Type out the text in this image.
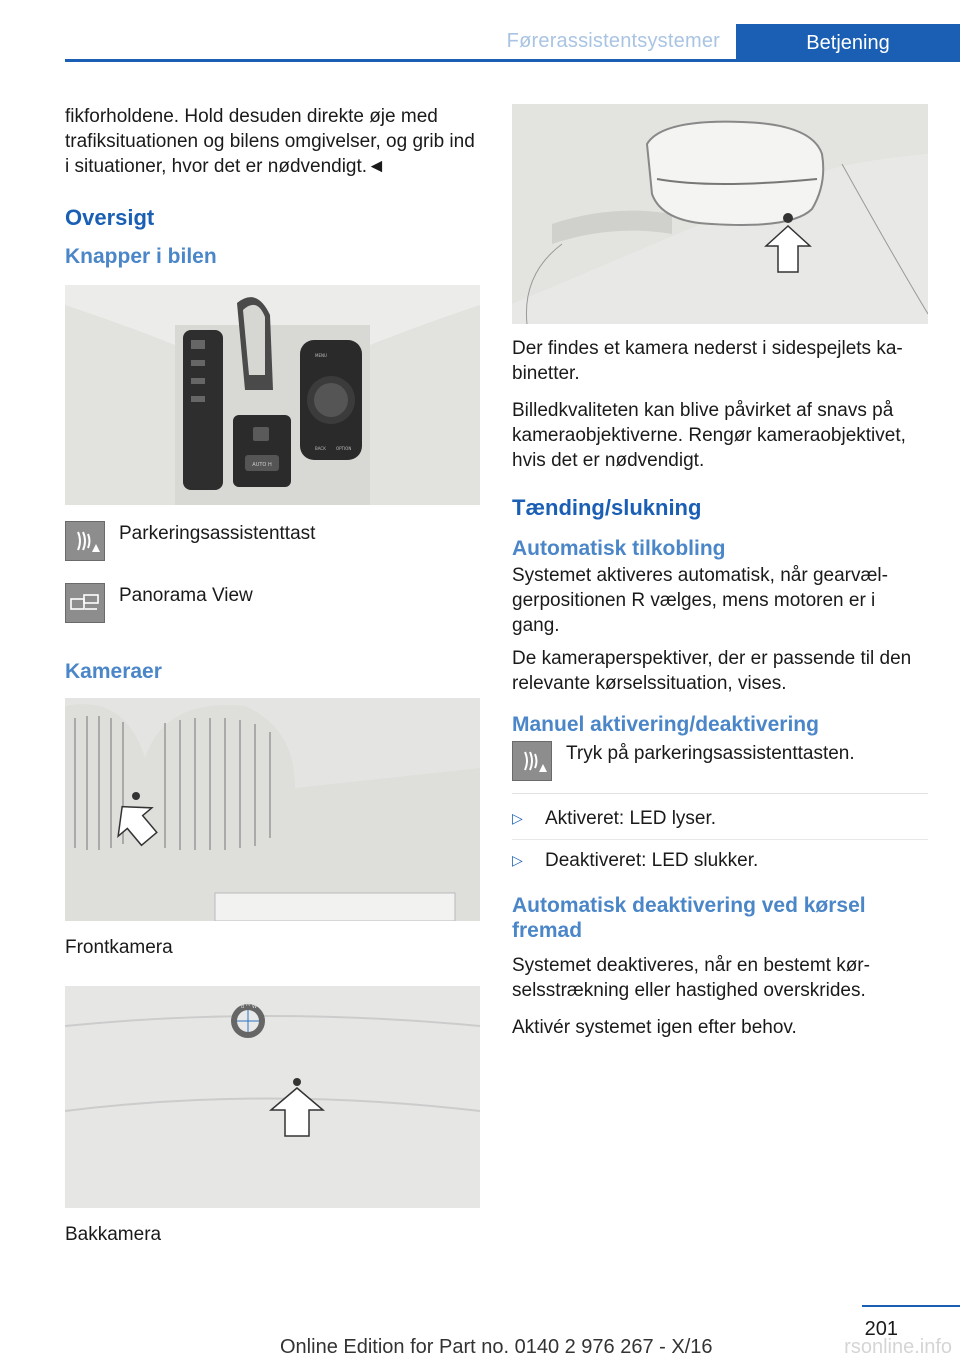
Førerassistentsystemer	Betjening

fikforholdene. Hold desuden direkte øje med trafiksituationen og bilens omgivelser, og grib ind i situationer, hvor det er nødvendigt.◄

Oversigt
Knapper i bilen
AUTO H
MENU
BACK	OPTION
Parkeringsassistenttast
Panorama View
Kameraer

Frontkamera

B M W

Bakkamera

Der findes et kamera nederst i sidespejlets kabinetter.

Billedkvaliteten kan blive påvirket af snavs på kameraobjektiverne. Rengør kameraobjektivet, hvis det er nødvendigt.

Tænding/slukning
Automatisk tilkobling

Systemet aktiveres automatisk, når gearvælgerpositionen R vælges, mens motoren er i gang.

De kameraperspektiver, der er passende til den relevante kørselssituation, vises.

Manuel aktivering/deaktivering
Tryk på parkeringsassistenttasten.
▷ Aktiveret: LED lyser.
▷ Deaktiveret: LED slukker.
Automatisk deaktivering ved kørsel fremad

Systemet deaktiveres, når en bestemt kørselsstrækning eller hastighed overskrides.

Aktivér systemet igen efter behov.

201
Online Edition for Part no. 0140 2 976 267 - X/16	rsonline.info
